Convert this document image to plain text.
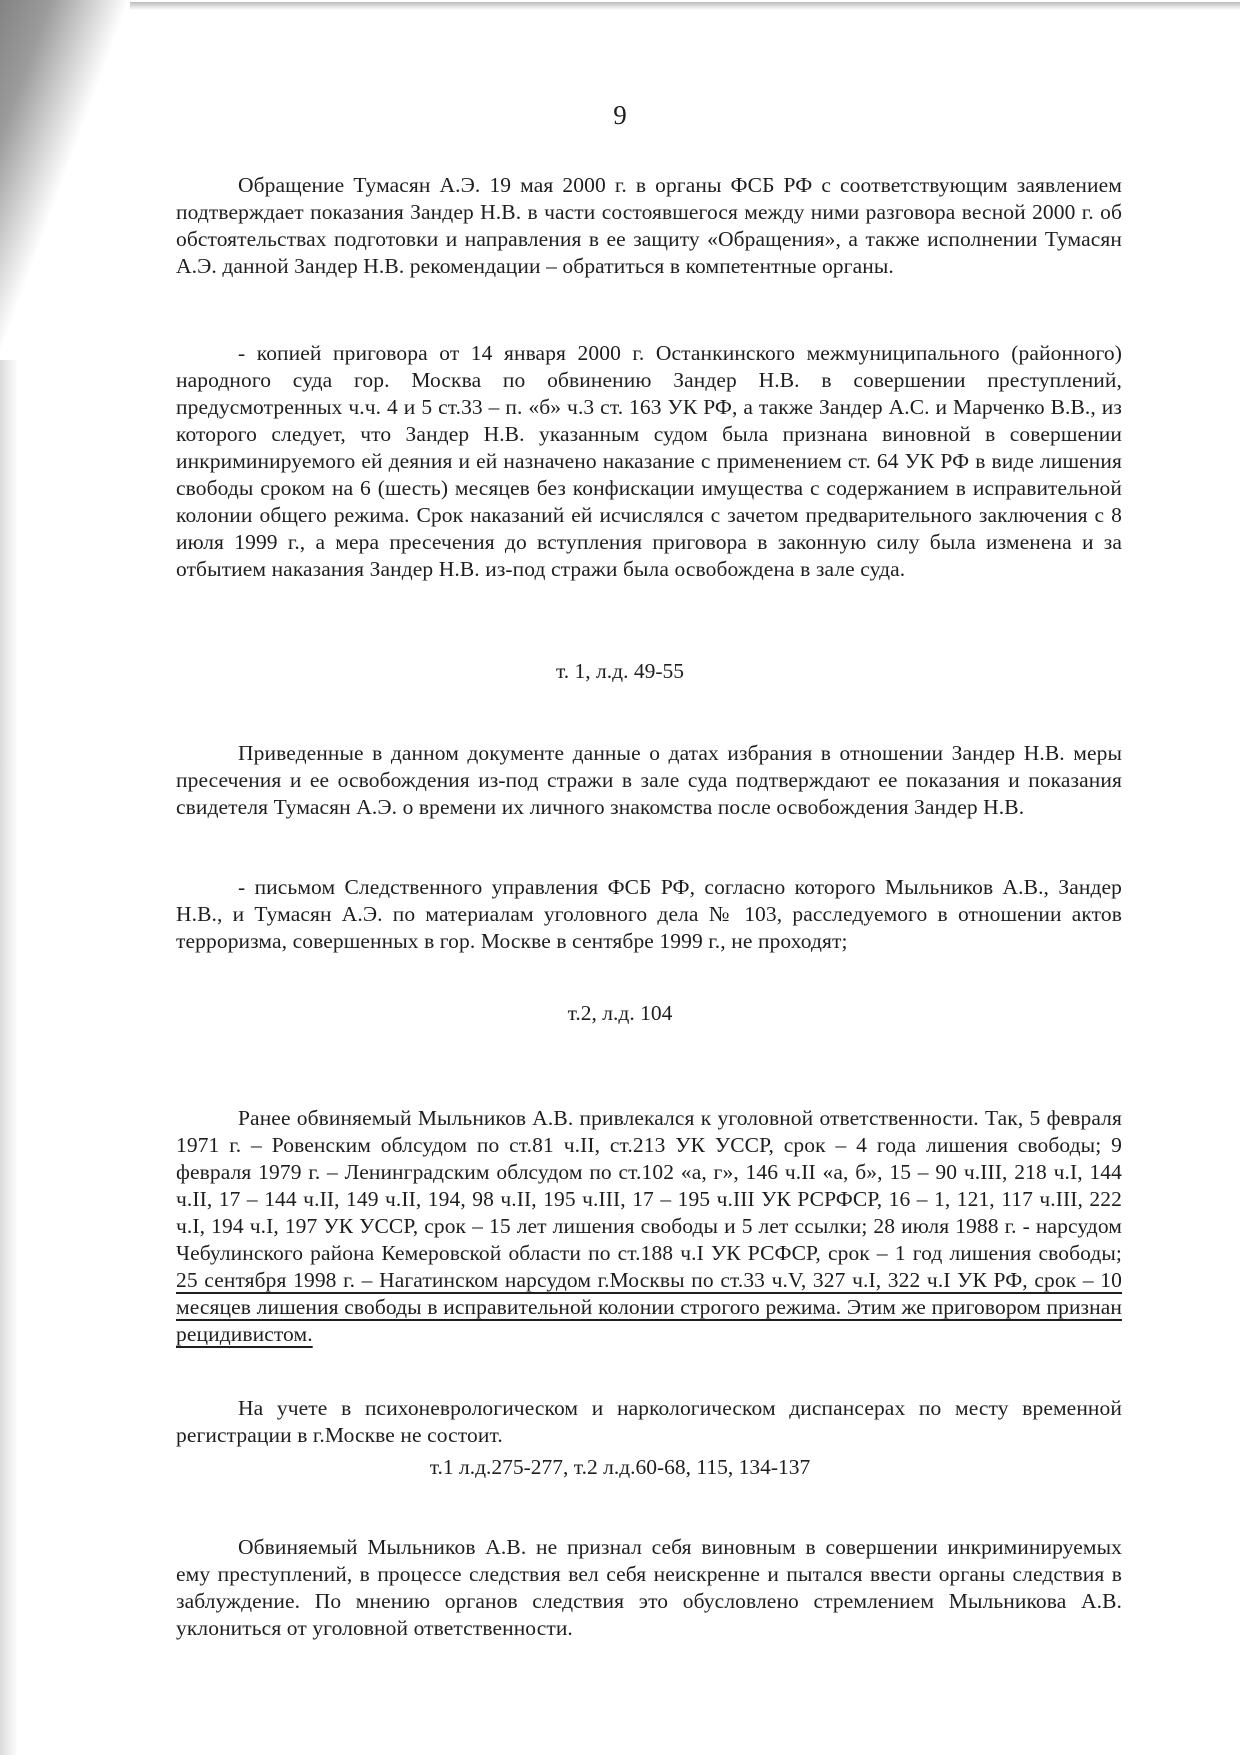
9

Обращение Тумасян А.Э. 19 мая 2000 г. в органы ФСБ РФ с соответствующим заявлением подтверждает показания Зандер Н.В. в части состоявшегося между ними разговора весной 2000 г. об обстоятельствах подготовки и направления в ее защиту «Обращения», а также исполнении Тумасян А.Э. данной Зандер Н.В. рекомендации – обратиться в компетентные органы.

- копией приговора от 14 января 2000 г. Останкинского межмуниципального (районного) народного суда гор. Москва по обвинению Зандер Н.В. в совершении преступлений, предусмотренных ч.ч. 4 и 5 ст.33 – п. «б» ч.3 ст. 163 УК РФ, а также Зандер А.С. и Марченко В.В., из которого следует, что Зандер Н.В. указанным судом была признана виновной в совершении инкриминируемого ей деяния и ей назначено наказание с применением ст. 64 УК РФ в виде лишения свободы сроком на 6 (шесть) месяцев без конфискации имущества с содержанием в исправительной колонии общего режима. Срок наказаний ей исчислялся с зачетом предварительного заключения с 8 июля 1999 г., а мера пресечения до вступления приговора в законную силу была изменена и за отбытием наказания Зандер Н.В. из-под стражи была освобождена в зале суда.

т. 1, л.д. 49-55

Приведенные в данном документе данные о датах избрания в отношении Зандер Н.В. меры пресечения и ее освобождения из-под стражи в зале суда подтверждают ее показания и показания свидетеля Тумасян А.Э. о времени их личного знакомства после освобождения Зандер Н.В.

- письмом Следственного управления ФСБ РФ, согласно которого Мыльников А.В., Зандер Н.В., и Тумасян А.Э. по материалам уголовного дела № 103, расследуемого в отношении актов терроризма, совершенных в гор. Москве в сентябре 1999 г., не проходят;

т.2, л.д. 104

Ранее обвиняемый Мыльников А.В. привлекался к уголовной ответственности. Так, 5 февраля 1971 г. – Ровенским облсудом по ст.81 ч.II, ст.213 УК УССР, срок – 4 года лишения свободы; 9 февраля 1979 г. – Ленинградским облсудом по ст.102 «а, г», 146 ч.II «а, б», 15 – 90 ч.III, 218 ч.I, 144 ч.II, 17 – 144 ч.II, 149 ч.II, 194, 98 ч.II, 195 ч.III, 17 – 195 ч.III УК РСРФСР, 16 – 1, 121, 117 ч.III, 222 ч.I, 194 ч.I, 197 УК УССР, срок – 15 лет лишения свободы и 5 лет ссылки; 28 июля 1988 г. - нарсудом Чебулинского района Кемеровской области по ст.188 ч.I УК РСФСР, срок – 1 год лишения свободы; 25 сентября 1998 г. – Нагатинском нарсудом г.Москвы по ст.33 ч.V, 327 ч.I, 322 ч.I УК РФ, срок – 10 месяцев лишения свободы в исправительной колонии строгого режима. Этим же приговором признан рецидивистом.

На учете в психоневрологическом и наркологическом диспансерах по месту временной регистрации в г.Москве не состоит.

т.1 л.д.275-277, т.2 л.д.60-68, 115, 134-137

Обвиняемый Мыльников А.В. не признал себя виновным в совершении инкриминируемых ему преступлений, в процессе следствия вел себя неискренне и пытался ввести органы следствия в заблуждение. По мнению органов следствия это обусловлено стремлением Мыльникова А.В. уклониться от уголовной ответственности.
